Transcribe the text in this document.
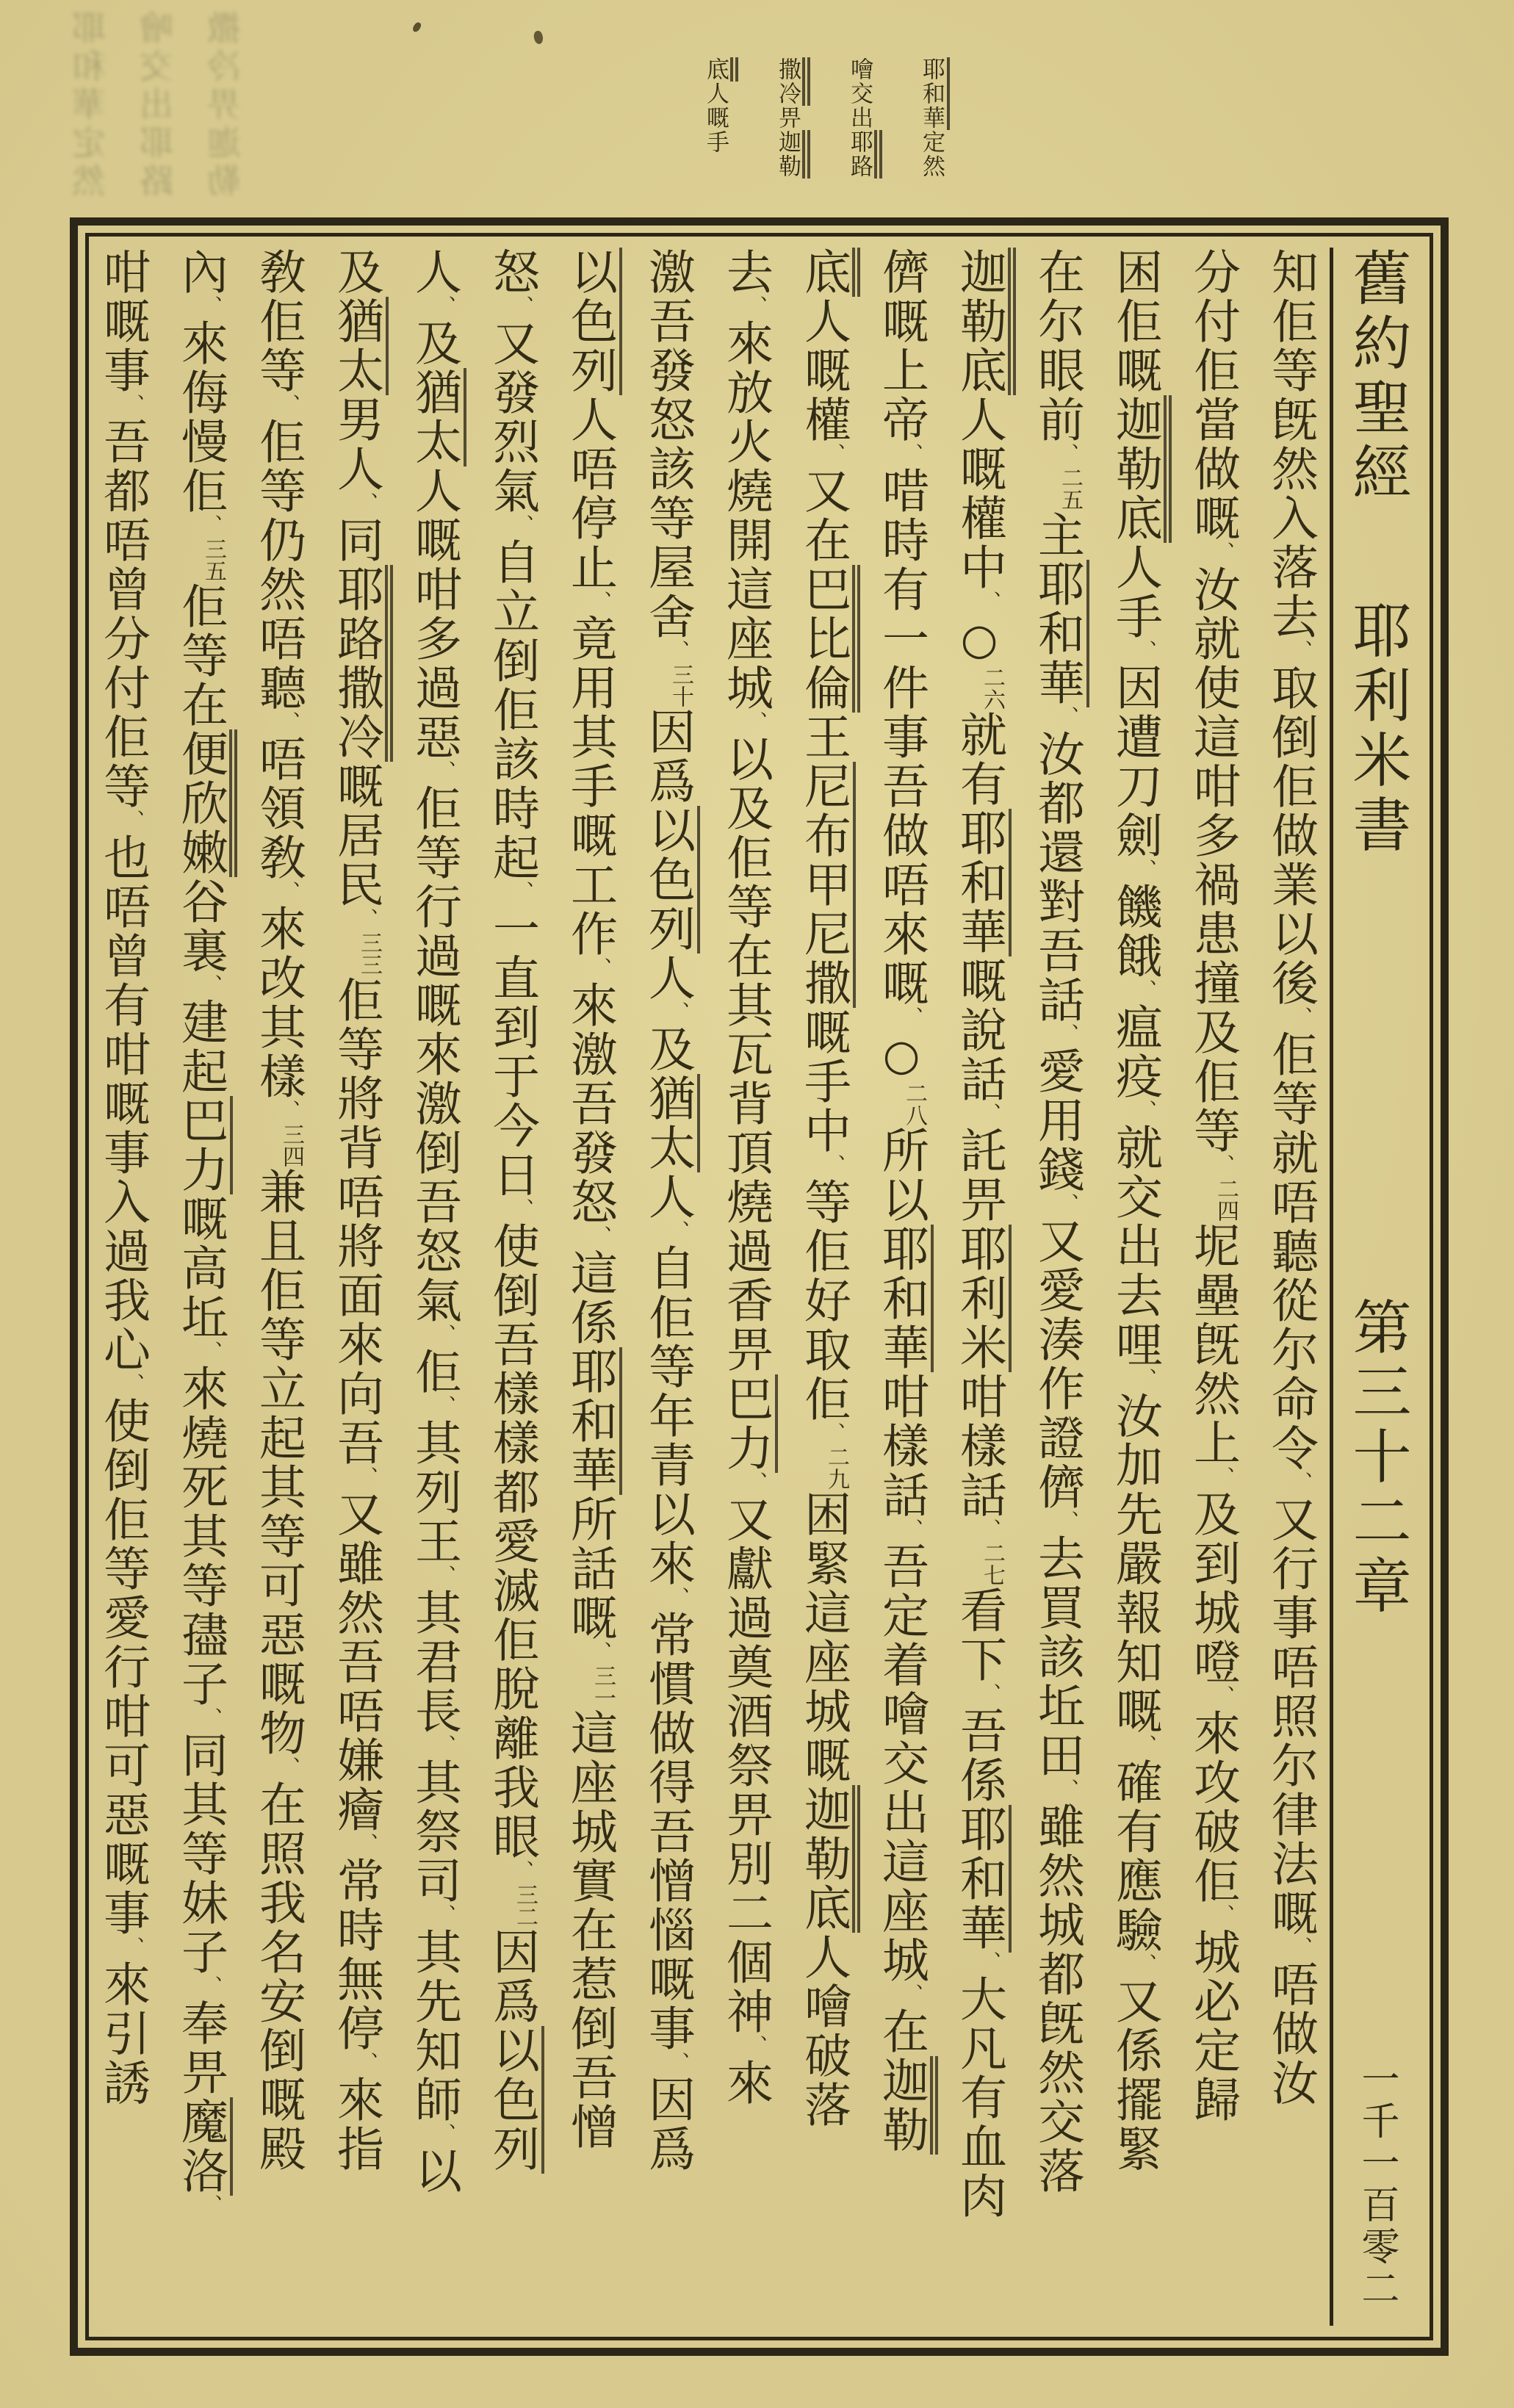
耶和華定然 噲交出耶路 撒冷畀迦勒	耶和華定然
噲交出耶路
撒冷畀迦勒
底人嘅手
舊約聖經耶利米書第三十二章一千一百零二
知佢等旣然入落去、取倒佢做業以後、佢等就唔聽從尔命令、又行事唔照尔律法嘅、唔做汝
分付佢當做嘅、汝就使這咁多禍患撞及佢等、二四坭壘旣然上、及到城噔、來攻破佢、城必定歸
困佢嘅迦勒底人手、因遭刀劍、饑餓、瘟疫、就交出去哩、汝加先嚴報知嘅、確有應驗、又係擺緊
在尔眼前、二五主耶和華、汝都還對吾話、愛用錢、又愛湊作證儕、去買該坵田、雖然城都旣然交落
迦勒底人嘅權中、○二六就有耶和華嘅說話、託畀耶利米咁樣話、二七看下、吾係耶和華、大凡有血肉
儕嘅上帝、唶時有一件事吾做唔來嘅、○二八所以耶和華咁樣話、吾定着噲交出這座城、在迦勒
底人嘅權、又在巴比倫王尼布甲尼撒嘅手中、等佢好取佢、二九困緊這座城嘅迦勒底人噲破落
去、來放火燒開這座城、以及佢等在其瓦背頂燒過香畀巴力、又獻過奠酒祭畀別二個神、來
激吾發怒該等屋舍、三十因爲以色列人、及猶太人、自佢等年青以來、常慣做得吾憎惱嘅事、因爲
以色列人唔停止、竟用其手嘅工作、來激吾發怒、這係耶和華所話嘅、三一這座城實在惹倒吾憎
怒、又發烈氣、自立倒佢該時起、一直到于今日、使倒吾樣樣都愛滅佢脫離我眼、三二因爲以色列
人、及猶太人嘅咁多過惡、佢等行過嘅來激倒吾怒氣、佢、其列王、其君長、其祭司、其先知師、以
及猶太男人、同耶路撒冷嘅居民、三三佢等將背唔將面來向吾、又雖然吾唔嫌癐、常時無停、來指
敎佢等、佢等仍然唔聽、唔領敎、來改其樣、三四兼且佢等立起其等可惡嘅物、在照我名安倒嘅殿
內、來侮慢佢、三五佢等在便欣嫩谷裏、建起巴力嘅高坵、來燒死其等孻子、同其等妹子、奉畀魔洛、
咁嘅事、吾都唔曾分付佢等、也唔曾有咁嘅事入過我心、使倒佢等愛行咁可惡嘅事、來引誘
